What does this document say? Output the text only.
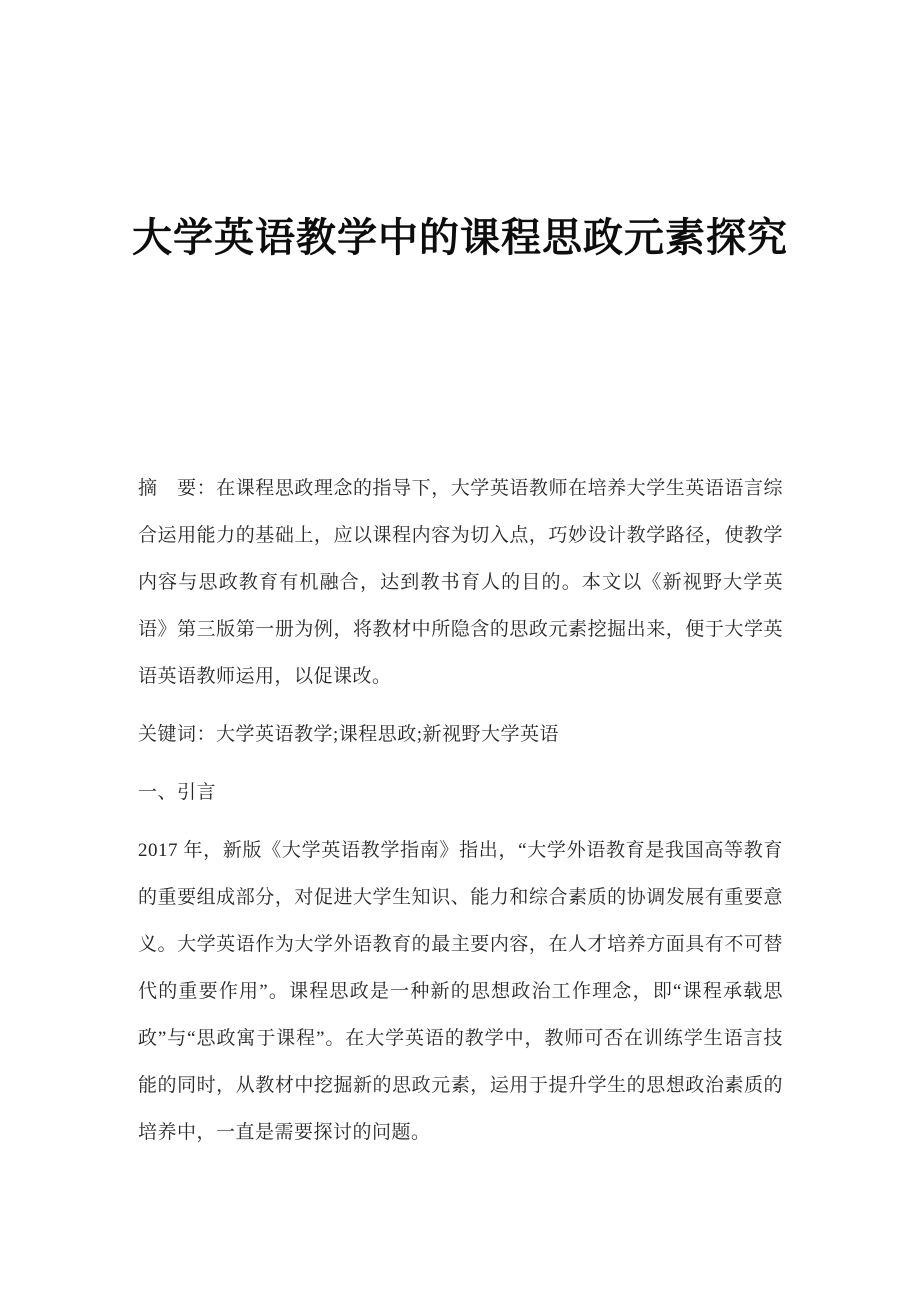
大学英语教学中的课程思政元素探究

摘　要：在课程思政理念的指导下，大学英语教师在培养大学生英语语言综合运用能力的基础上，应以课程内容为切入点，巧妙设计教学路径，使教学内容与思政教育有机融合，达到教书育人的目的。本文以《新视野大学英语》第三版第一册为例，将教材中所隐含的思政元素挖掘出来，便于大学英语英语教师运用，以促课改。

关键词：大学英语教学;课程思政;新视野大学英语

一、引言

2017 年，新版《大学英语教学指南》指出，“大学外语教育是我国高等教育的重要组成部分，对促进大学生知识、能力和综合素质的协调发展有重要意义。大学英语作为大学外语教育的最主要内容，在人才培养方面具有不可替代的重要作用”。课程思政是一种新的思想政治工作理念，即“课程承载思政”与“思政寓于课程”。在大学英语的教学中，教师可否在训练学生语言技能的同时，从教材中挖掘新的思政元素，运用于提升学生的思想政治素质的培养中，一直是需要探讨的问题。
